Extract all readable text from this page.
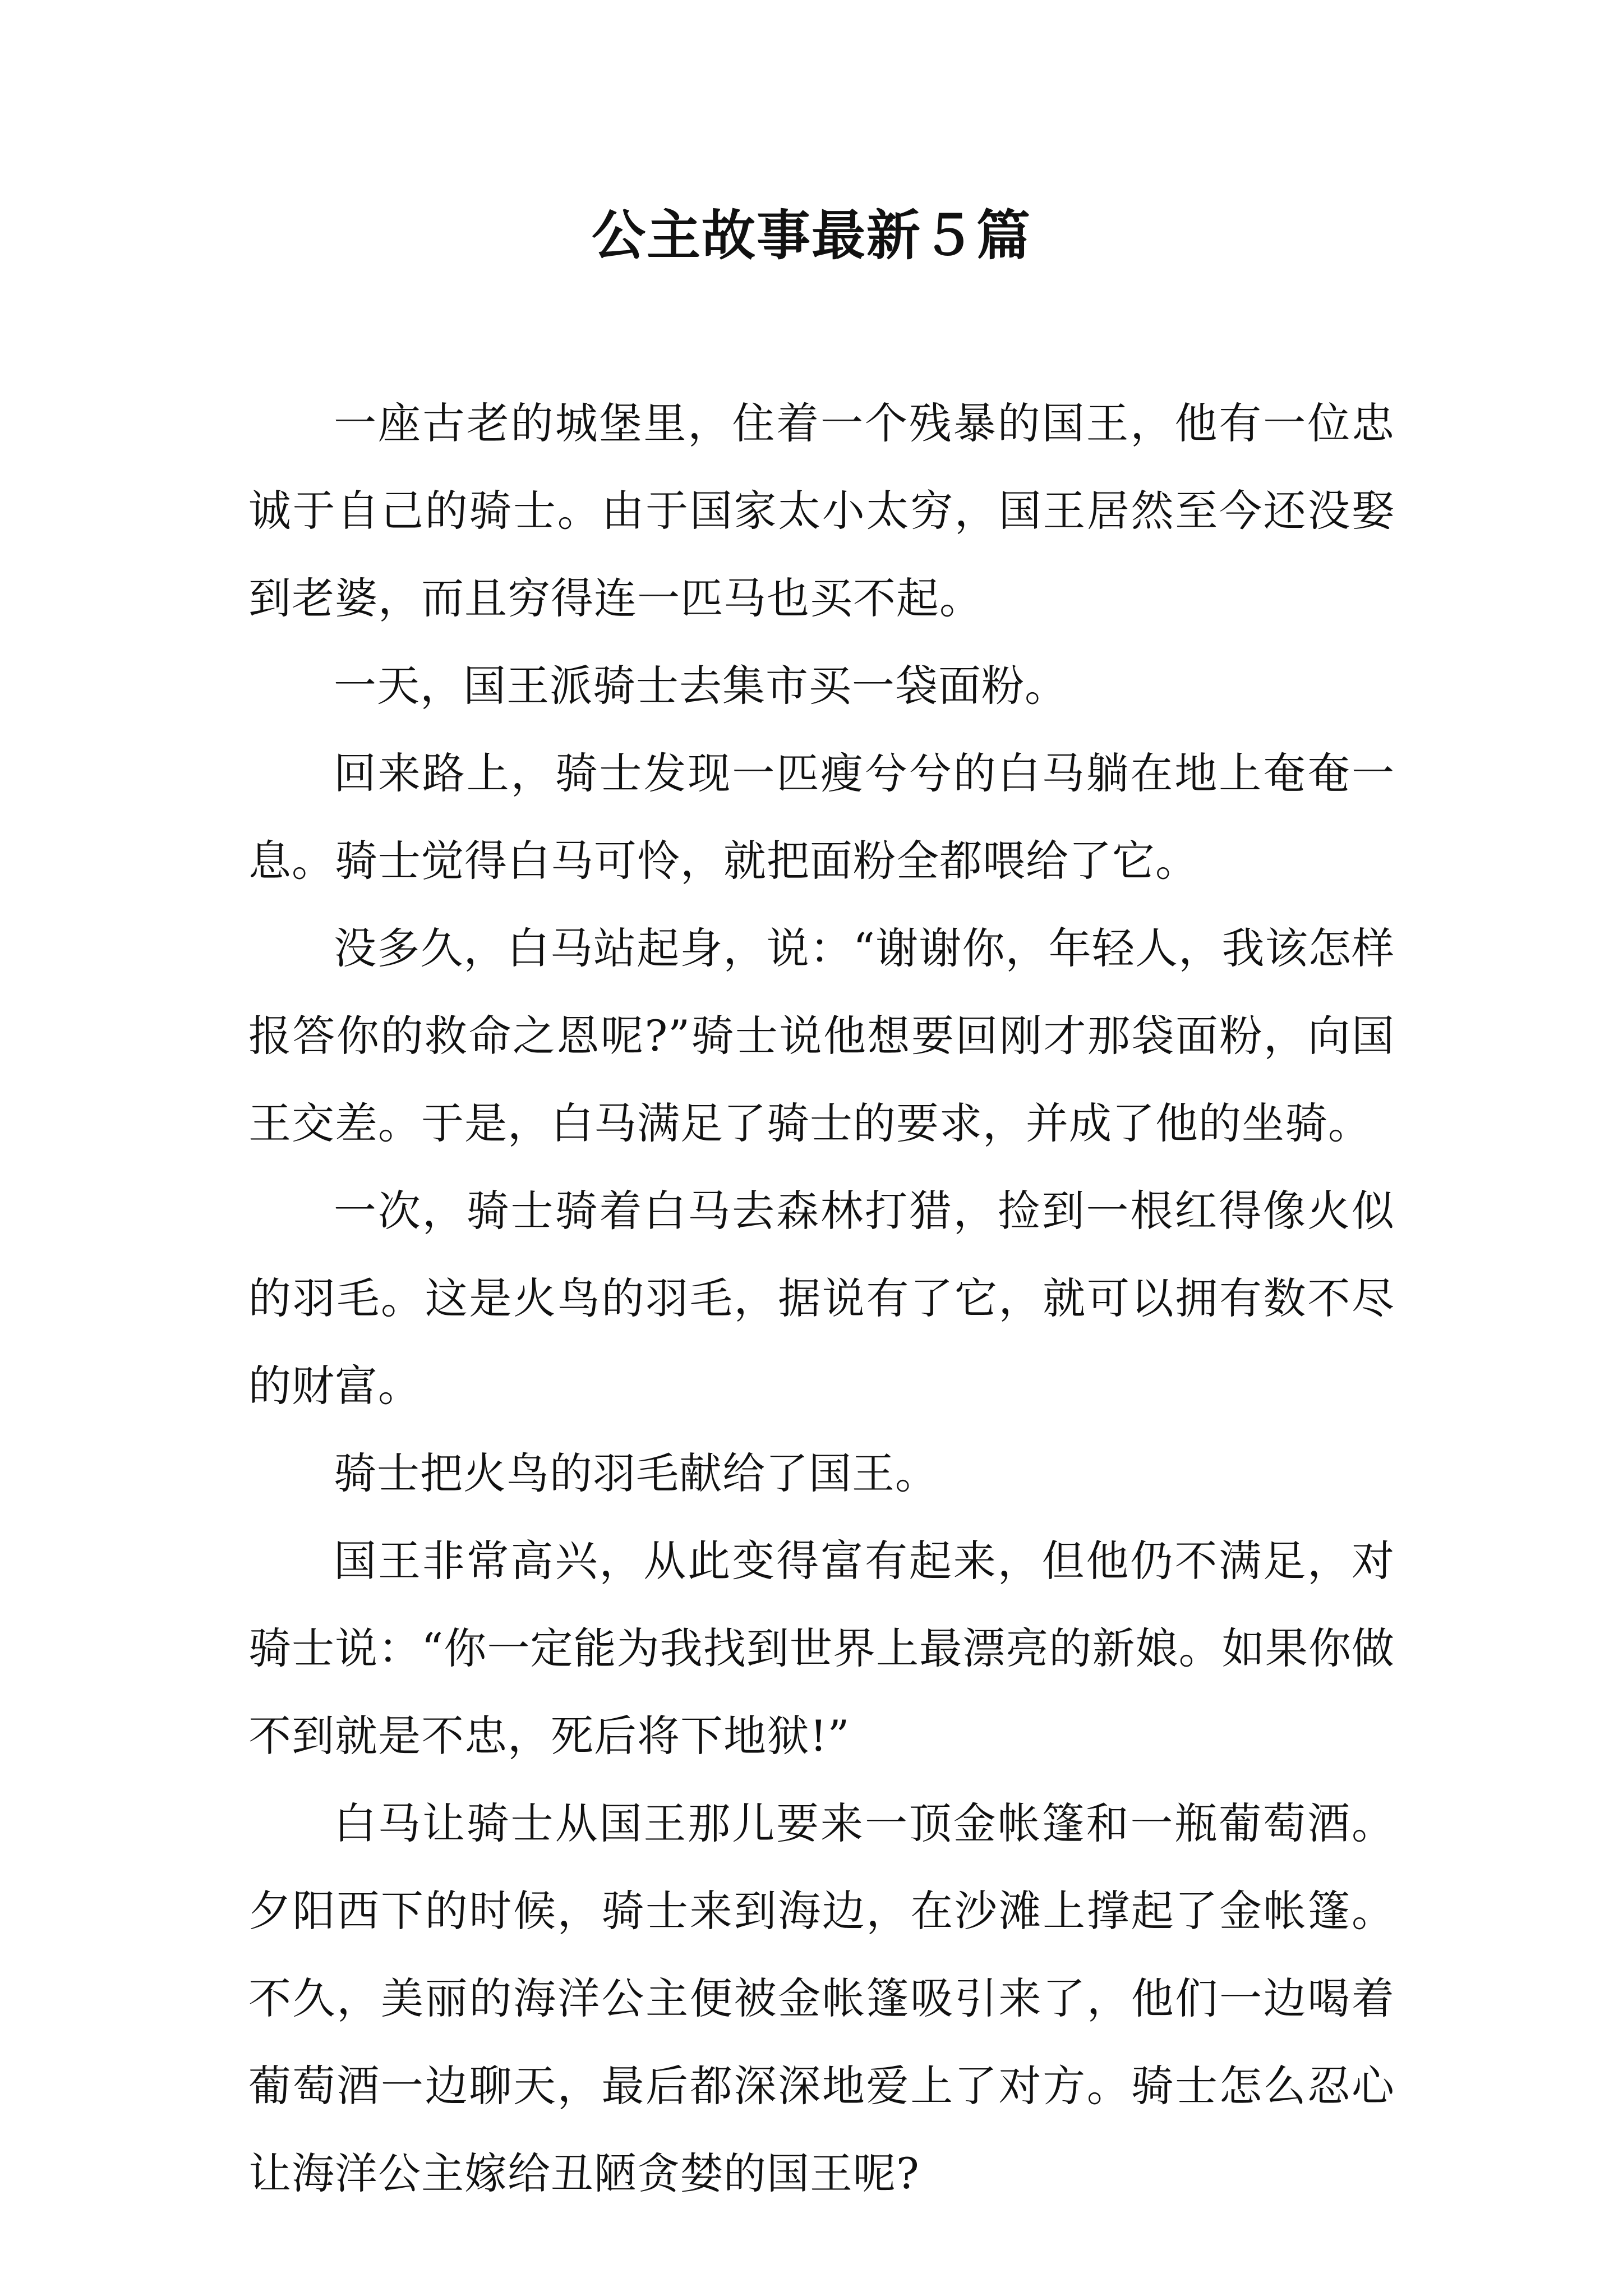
公主故事最新５篇

一座古老的城堡里，住着一个残暴的国王，他有一位忠诚于自己的骑士。由于国家太小太穷，国王居然至今还没娶到老婆，而且穷得连一匹马也买不起。

一天，国王派骑士去集市买一袋面粉。

回来路上，骑士发现一匹瘦兮兮的白马躺在地上奄奄一息。骑士觉得白马可怜，就把面粉全都喂给了它。

没多久，白马站起身，说：“谢谢你，年轻人，我该怎样报答你的救命之恩呢?”骑士说他想要回刚才那袋面粉，向国王交差。于是，白马满足了骑士的要求，并成了他的坐骑。

一次，骑士骑着白马去森林打猎，捡到一根红得像火似的羽毛。这是火鸟的羽毛，据说有了它，就可以拥有数不尽的财富。

骑士把火鸟的羽毛献给了国王。

国王非常高兴，从此变得富有起来，但他仍不满足，对骑士说：“你一定能为我找到世界上最漂亮的新娘。如果你做不到就是不忠，死后将下地狱!”

白马让骑士从国王那儿要来一顶金帐篷和一瓶葡萄酒。夕阳西下的时候，骑士来到海边，在沙滩上撑起了金帐篷。不久，美丽的海洋公主便被金帐篷吸引来了，他们一边喝着葡萄酒一边聊天，最后都深深地爱上了对方。骑士怎么忍心让海洋公主嫁给丑陋贪婪的国王呢?
